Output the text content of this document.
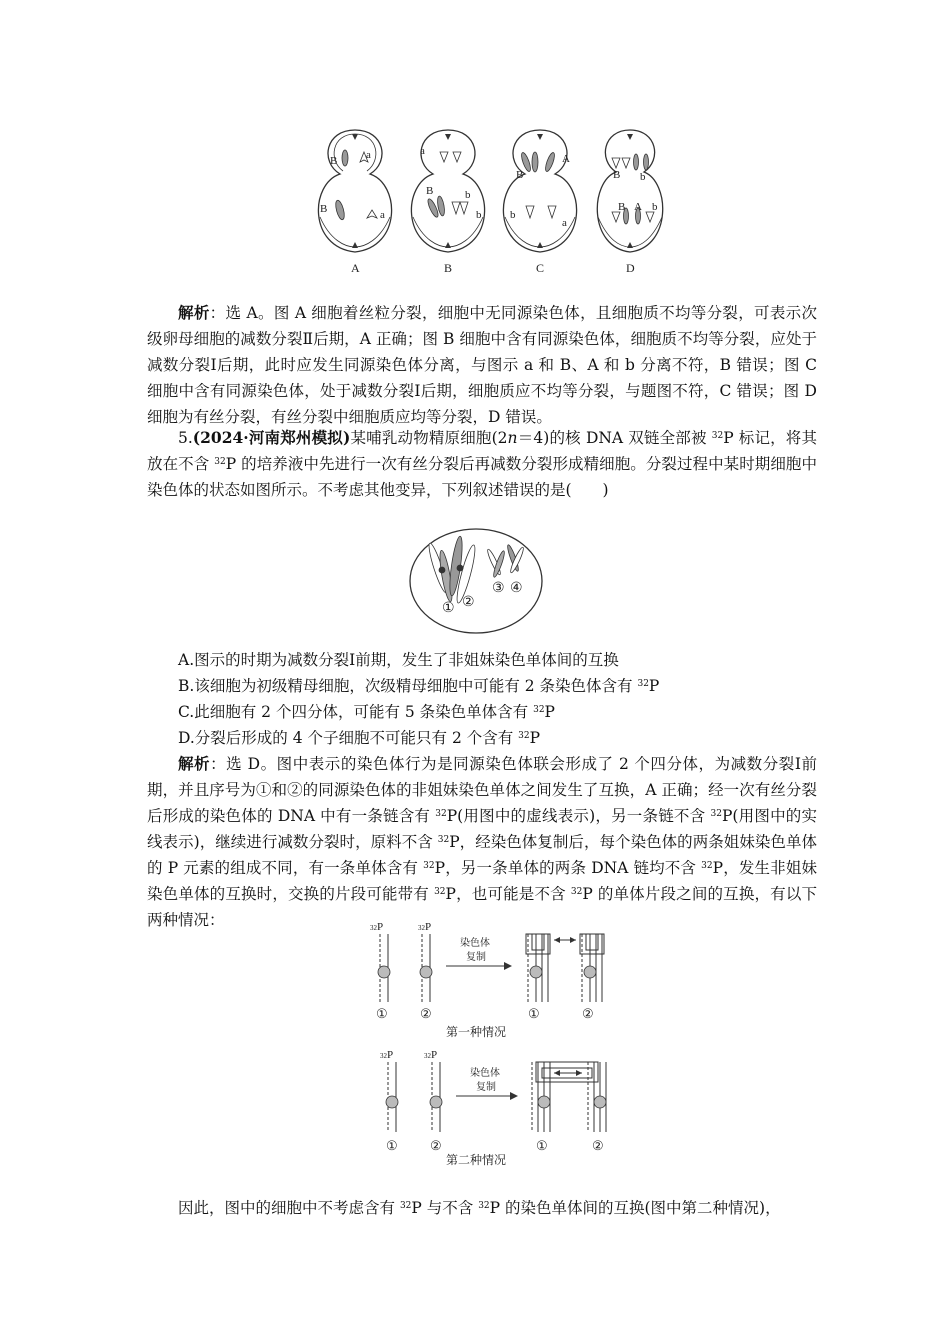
B	a
B	a
a
B	b
b
B
A
b
a
B b
B A b
A	B	C	D

解析：选 A。图 A 细胞着丝粒分裂，细胞中无同源染色体，且细胞质不均等分裂，可表示次级卵母细胞的减数分裂Ⅱ后期，A 正确；图 B 细胞中含有同源染色体，细胞质不均等分裂，应处于减数分裂Ⅰ后期，此时应发生同源染色体分离，与图示 a 和 B、A 和 b 分离不符，B 错误；图 C 细胞中含有同源染色体，处于减数分裂Ⅰ后期，细胞质应不均等分裂，与题图不符，C 错误；图 D 细胞为有丝分裂，有丝分裂中细胞质应均等分裂，D 错误。

5.(2024·河南郑州模拟)某哺乳动物精原细胞(2n＝4)的核 DNA 双链全部被 $^{32}$P 标记，将其放在不含 $^{32}$P 的培养液中先进行一次有丝分裂后再减数分裂形成精细胞。分裂过程中某时期细胞中染色体的状态如图所示。不考虑其他变异，下列叙述错误的是(　　)

① ②
③ ④
A.图示的时期为减数分裂Ⅰ前期，发生了非姐妹染色单体间的互换
B.该细胞为初级精母细胞，次级精母细胞中可能有 2 条染色体含有 $^{32}$P
C.此细胞有 2 个四分体，可能有 5 条染色单体含有 $^{32}$P
D.分裂后形成的 4 个子细胞不可能只有 2 个含有 $^{32}$P

解析：选 D。图中表示的染色体行为是同源染色体联会形成了 2 个四分体，为减数分裂Ⅰ前期，并且序号为①和②的同源染色体的非姐妹染色单体之间发生了互换，A 正确；经一次有丝分裂后形成的染色体的 DNA 中有一条链含有 $^{32}$P(用图中的虚线表示)，另一条链不含 $^{32}$P(用图中的实线表示)，继续进行减数分裂时，原料不含 $^{32}$P，经染色体复制后，每个染色体的两条姐妹染色单体的 P 元素的组成不同，有一条单体含有 $^{32}$P，另一条单体的两条 DNA 链均不含 $^{32}$P，发生非姐妹染色单体的互换时，交换的片段可能带有 $^{32}$P，也可能是不含 $^{32}$P 的单体片段之间的互换，有以下两种情况：	32P	32P
染色体
复制
① ②	①	②
第一种情况
32P	32P
染色体
复制
① ②	①	②
第二种情况

因此，图中的细胞中不考虑含有 $^{32}$P 与不含 $^{32}$P 的染色单体间的互换(图中第二种情况)，
